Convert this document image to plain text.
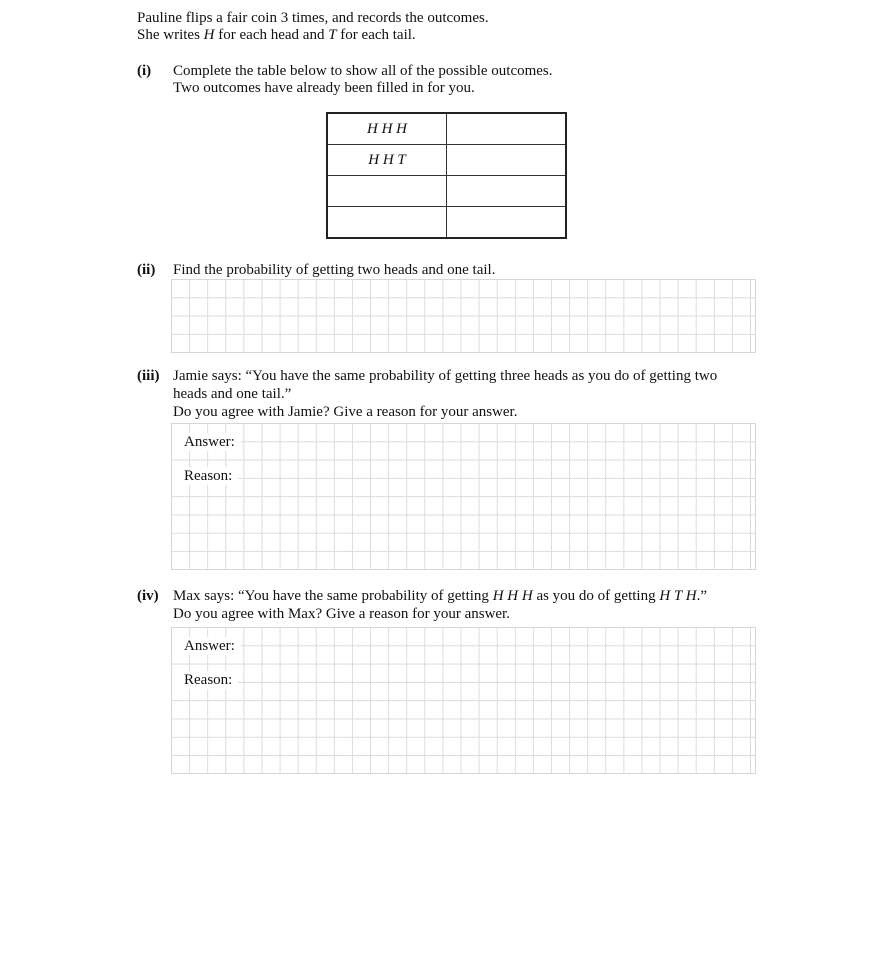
Pauline flips a fair coin 3 times, and records the outcomes.
She writes H for each head and T for each tail.
(i) Complete the table below to show all of the possible outcomes.
Two outcomes have already been filled in for you.
H H H	
H H T	

(ii) Find the probability of getting two heads and one tail.
(iii) Jamie says: “You have the same probability of getting three heads as you do of getting two
heads and one tail.”
Do you agree with Jamie? Give a reason for your answer.
Answer:
Reason:
(iv) Max says: “You have the same probability of getting H H H as you do of getting H T H.”
Do you agree with Max? Give a reason for your answer.
Answer:
Reason:
